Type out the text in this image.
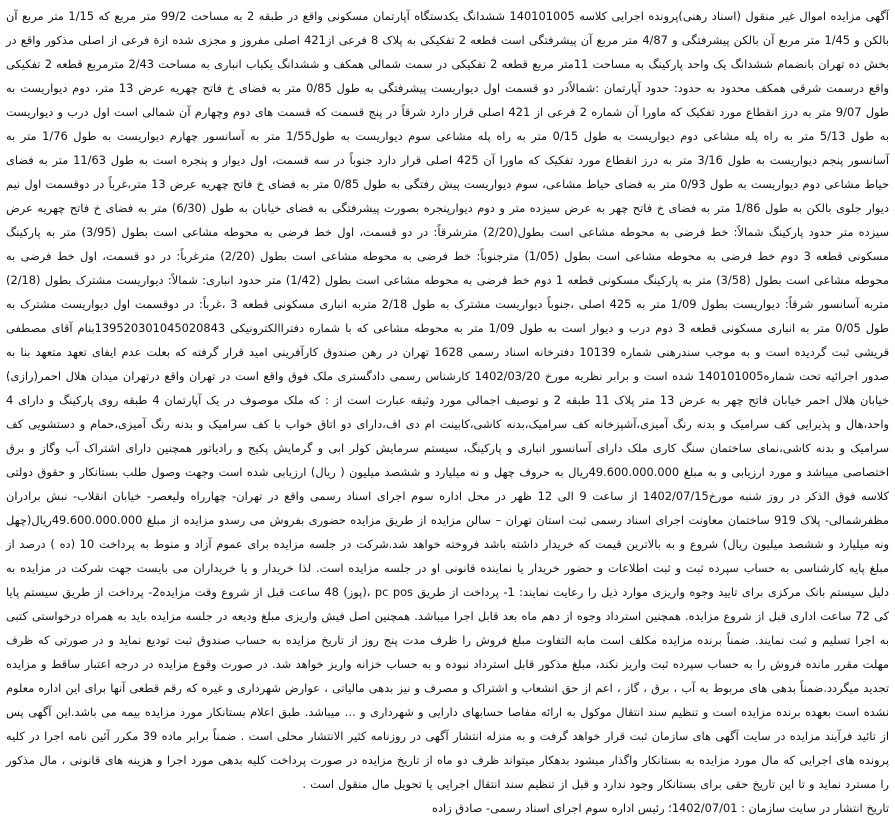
آگهی مزایده اموال غیر منقول (اسناد رهنی)پرونده اجرایی کلاسه 140101005 ششدانگ یکدستگاه آپارتمان مسکونی واقع در طبقه 2 به مساحت 99/2 متر مربع که 1/15 متر مربع آن بالکن و 1/45 متر مربع آن بالکن پیشرفتگی و 4/87 متر مربع آن پیشرفتگی است قطعه 2 تفکیکی به پلاک 8 فرعی از421 اصلی مفروز و مجزی شده ازة فرعی از اصلی مذکور واقع در بخش ده تهران بانضمام ششدانگ یک واحد پارکینگ به مساحت 11متر مربع قطعه 2 تفکیکی در سمت شمالی همکف و ششدانگ یکباب انباری به مساحت 2/43 مترمربع قطعه 2 تفکیکی واقع درسمت شرقی همکف محدود به حدود: حدود آپارتمان :شمالاًدر دو قسمت اول دیواریست پیشرفتگی به طول 0/85 متر به فضای خ فاتح چهریه عرض 13 متر، دوم دیواریست به طول 9/07 متر به درز انقطاع مورد تفکیک که ماورا آن شماره 2 فرعی از 421 اصلی قرار دارد شرقاً در پنج قسمت که قسمت های دوم وچهارم آن شمالی است اول درب و دیواریست به طول 5/13 متر به راه پله مشاعی دوم دیواریست به طول 0/15 متر به راه پله مشاعی سوم دیواریست به طول1/55 متر به آسانسور چهارم دیواریست به طول 1/76 متر به آسانسور پنجم دیواریست به طول 3/16 متر به درز انقطاع مورد تفکیک که ماورا آن 425 اصلی قرار دارد جنوباً در سه قسمت، اول دیوار و پنجره است به طول 11/63 متر به فضای حیاط مشاعی دوم دیواریست به طول 0/93 متر به فضای حیاط مشاعی، سوم دیواریست پیش رفتگی به طول 0/85 متر به فضای خ فاتح چهریه عرض 13 متر،غرباً در دوقسمت اول نیم دیوار جلوی بالکن به طول 1/86 متر به فضای خ فاتح چهر به عرض سیزده متر و دوم دیوارپنجره بصورت پیشرفتگی به فضای خیابان به طول (6/30) متر به فضای خ فاتح چهریه عرض سیزده متر حدود پارکینگ شمالاً: خط فرضی به محوطه مشاعی است بطول(2/20) مترشرقاً: در دو قسمت، اول خط فرضی به محوطه مشاعی است بطول (3/95) متر به پارکینگ مسکونی قطعه 3 دوم خط فرضی به محوطه مشاعی است بطول (1/05) مترجنوباً: خط فرضی به محوطه مشاعی است بطول (2/20) مترغرباً: در دو قسمت، اول خط فرضی به محوطه مشاعی است بطول (3/58) متر به پارکینگ مسکونی قطعه 1 دوم خط فرضی به محوطه مشاعی است بطول (1/42) متر حدود انباری: شمالاً: دیواریست مشترک بطول (2/18) متربه آسانسور شرقاً: دیواریست بطول 1/09 متر به 425 اصلی ،جنوباً دیواریست مشترک به طول 2/18 متربه انباری مسکونی قطعه 3 ،غرباً: در دوقسمت اول دیواریست مشترک به طول 0/05 متر به انباری مسکونی قطعه 3 دوم درب و دیوار است به طول 1/09 متر به محوطه مشاعی که با شماره دفتراالکترونیکی 139520301045020843بنام آقای مصطفی قریشی ثبت گردیده است و به موجب سندرهنی شماره 10139 دفترخانه اسناد رسمی 1628 تهران در رهن صندوق کارآفرینی امید قرار گرفته که بعلت عدم ایفای تعهد متعهد بنا به صدور اجرائیه تحت شماره140101005 شده است و برابر نظریه مورخ 1402/03/20 کارشناس رسمی دادگستری ملک فوق واقع است در تهران واقع درتهران میدان هلال احمر(رازی) خیابان هلال احمر خیابان فاتح چهر به عرض 13 متر پلاک 11 طبقه 2 و توصیف اجمالی مورد وثیقه عبارت است از : که ملک موصوف در یک آپارتمان 4 طبقه روی پارکینگ و دارای 4 واحد،هال و پذیرایی کف سرامیک و بدنه رنگ آمیزی،آشپزخانه کف سرامیک،بدنه کاشی،کابینت ام دی اف،دارای دو اتاق خواب با کف سرامیک و بدنه رنگ آمیزی،حمام و دستشویی کف سرامیک و بدنه کاشی،نمای ساختمان سنگ کاری ملک دارای آسانسور انباری و پارکینگ، سیستم سرمایش کولر ابی و گرمایش پکیج و رادیاتور همچنین دارای اشتراک آب وگاز و برق اختصاصی میباشد و مورد ارزیابی و به مبلغ 49.600.000.000ریال به حروف چهل و نه میلیارد و ششصد میلیون ( ریال) ارزیابی شده است وجهت وصول طلب بستانکار و حقوق دولتی کلاسه فوق الذکر در روز شنبه مورخ1402/07/15 از ساعت 9 الی 12 ظهر در محل اداره سوم اجرای اسناد رسمی واقع در تهران- چهارراه ولیعصر- خیابان انقلاب- نبش برادران مظفرشمالی- پلاک 919 ساختمان معاونت اجرای اسناد رسمی ثبت استان تهران – سالن مزایده از طریق مزایده حضوری بفروش می رسدو مزایده از مبلغ 49.600.000.000ریال(چهل ونه میلیارد و ششصد میلیون ریال) شروع و به بالاترین قیمت که خریدار داشته باشد فروخته خواهد شد.شرکت در جلسه مزایده برای عموم آزاد و منوط به پرداخت 10 (ده ) درصد از مبلغ پایه کارشناسی به حساب سپرده ثبت و ثبت اطلاعات و حضور خریدار یا نماینده قانونی او در جلسه مزایده است. لذا خریدار و یا خریداران می بایست جهت شرکت در مزایده به دلیل سیستم بانک مرکزی برای تایید وجوه واریزی موارد ذیل را رعایت نمایند: 1- پرداخت از طریق pc pos ،(پوز) 48 ساعت قبل از شروع وقت مزایده2- پرداخت از طریق سیستم پایا کی 72 ساعت اداری قبل از شروع مزایده. همچنین استرداد وجوه از دهم ماه بعد قابل اجرا میباشد. همچنین اصل فیش واریزی مبلغ ودیعه در جلسه مزایده باید به همراه درخواستی کتبی به اجرا تسلیم و ثبت نمایند. ضمناً برنده مزایده مکلف است مابه التفاوت مبلغ فروش را ظرف مدت پنج روز از تاریخ مزایده به حساب صندوق ثبت تودیع نماید و در صورتی که ظرف مهلت مقرر مانده فروش را به حساب سپرده ثبت واریز نکند، مبلغ مذکور قابل استرداد نبوده و به حساب خزانه واریز خواهد شد. در صورت وقوع مزایده در درجه اعتبار ساقط و مزایده تجدید میگردد.ضمناً بدهی های مربوط به آب ، برق ، گاز ، اعم از حق انشعاب و اشتراک و مصرف و نیز بدهی مالیاتی ، عوارض شهرداری و غیره که رقم قطعی آنها برای این اداره معلوم نشده است بعهده برنده مزایده است و تنظیم سند انتقال موکول به ارائه مفاصا حسابهای دارایی و شهرداری و ... میباشد. طبق اعلام بستانکار مورد مزایده بیمه می باشد.این آگهی پس از تائید فرآیند مزایده در سایت آگهی های سازمان ثبت قرار خواهد گرفت و به منزله انتشار آگهی در روزنامه کثیر الانتشار محلی است . ضمناً برابر ماده 39 مکرر آئین نامه اجرا در کلیه پرونده های اجرایی که مال مورد مزایده به بستانکار واگذار میشود بدهکار میتواند ظرف دو ماه از تاریخ مزایده در صورت پرداخت کلیه بدهی مورد اجرا و هزینه های قانونی ، مال مذکور را مسترد نماید و تا این تاریخ حقی برای بستانکار وجود ندارد و قبل از تنظیم سند انتقال اجرایی یا تحویل مال منقول است .

تاریخ انتشار در سایت سازمان : 1402/07/01؛ رئیس اداره سوم اجرای اسناد رسمی- صادق زاده
